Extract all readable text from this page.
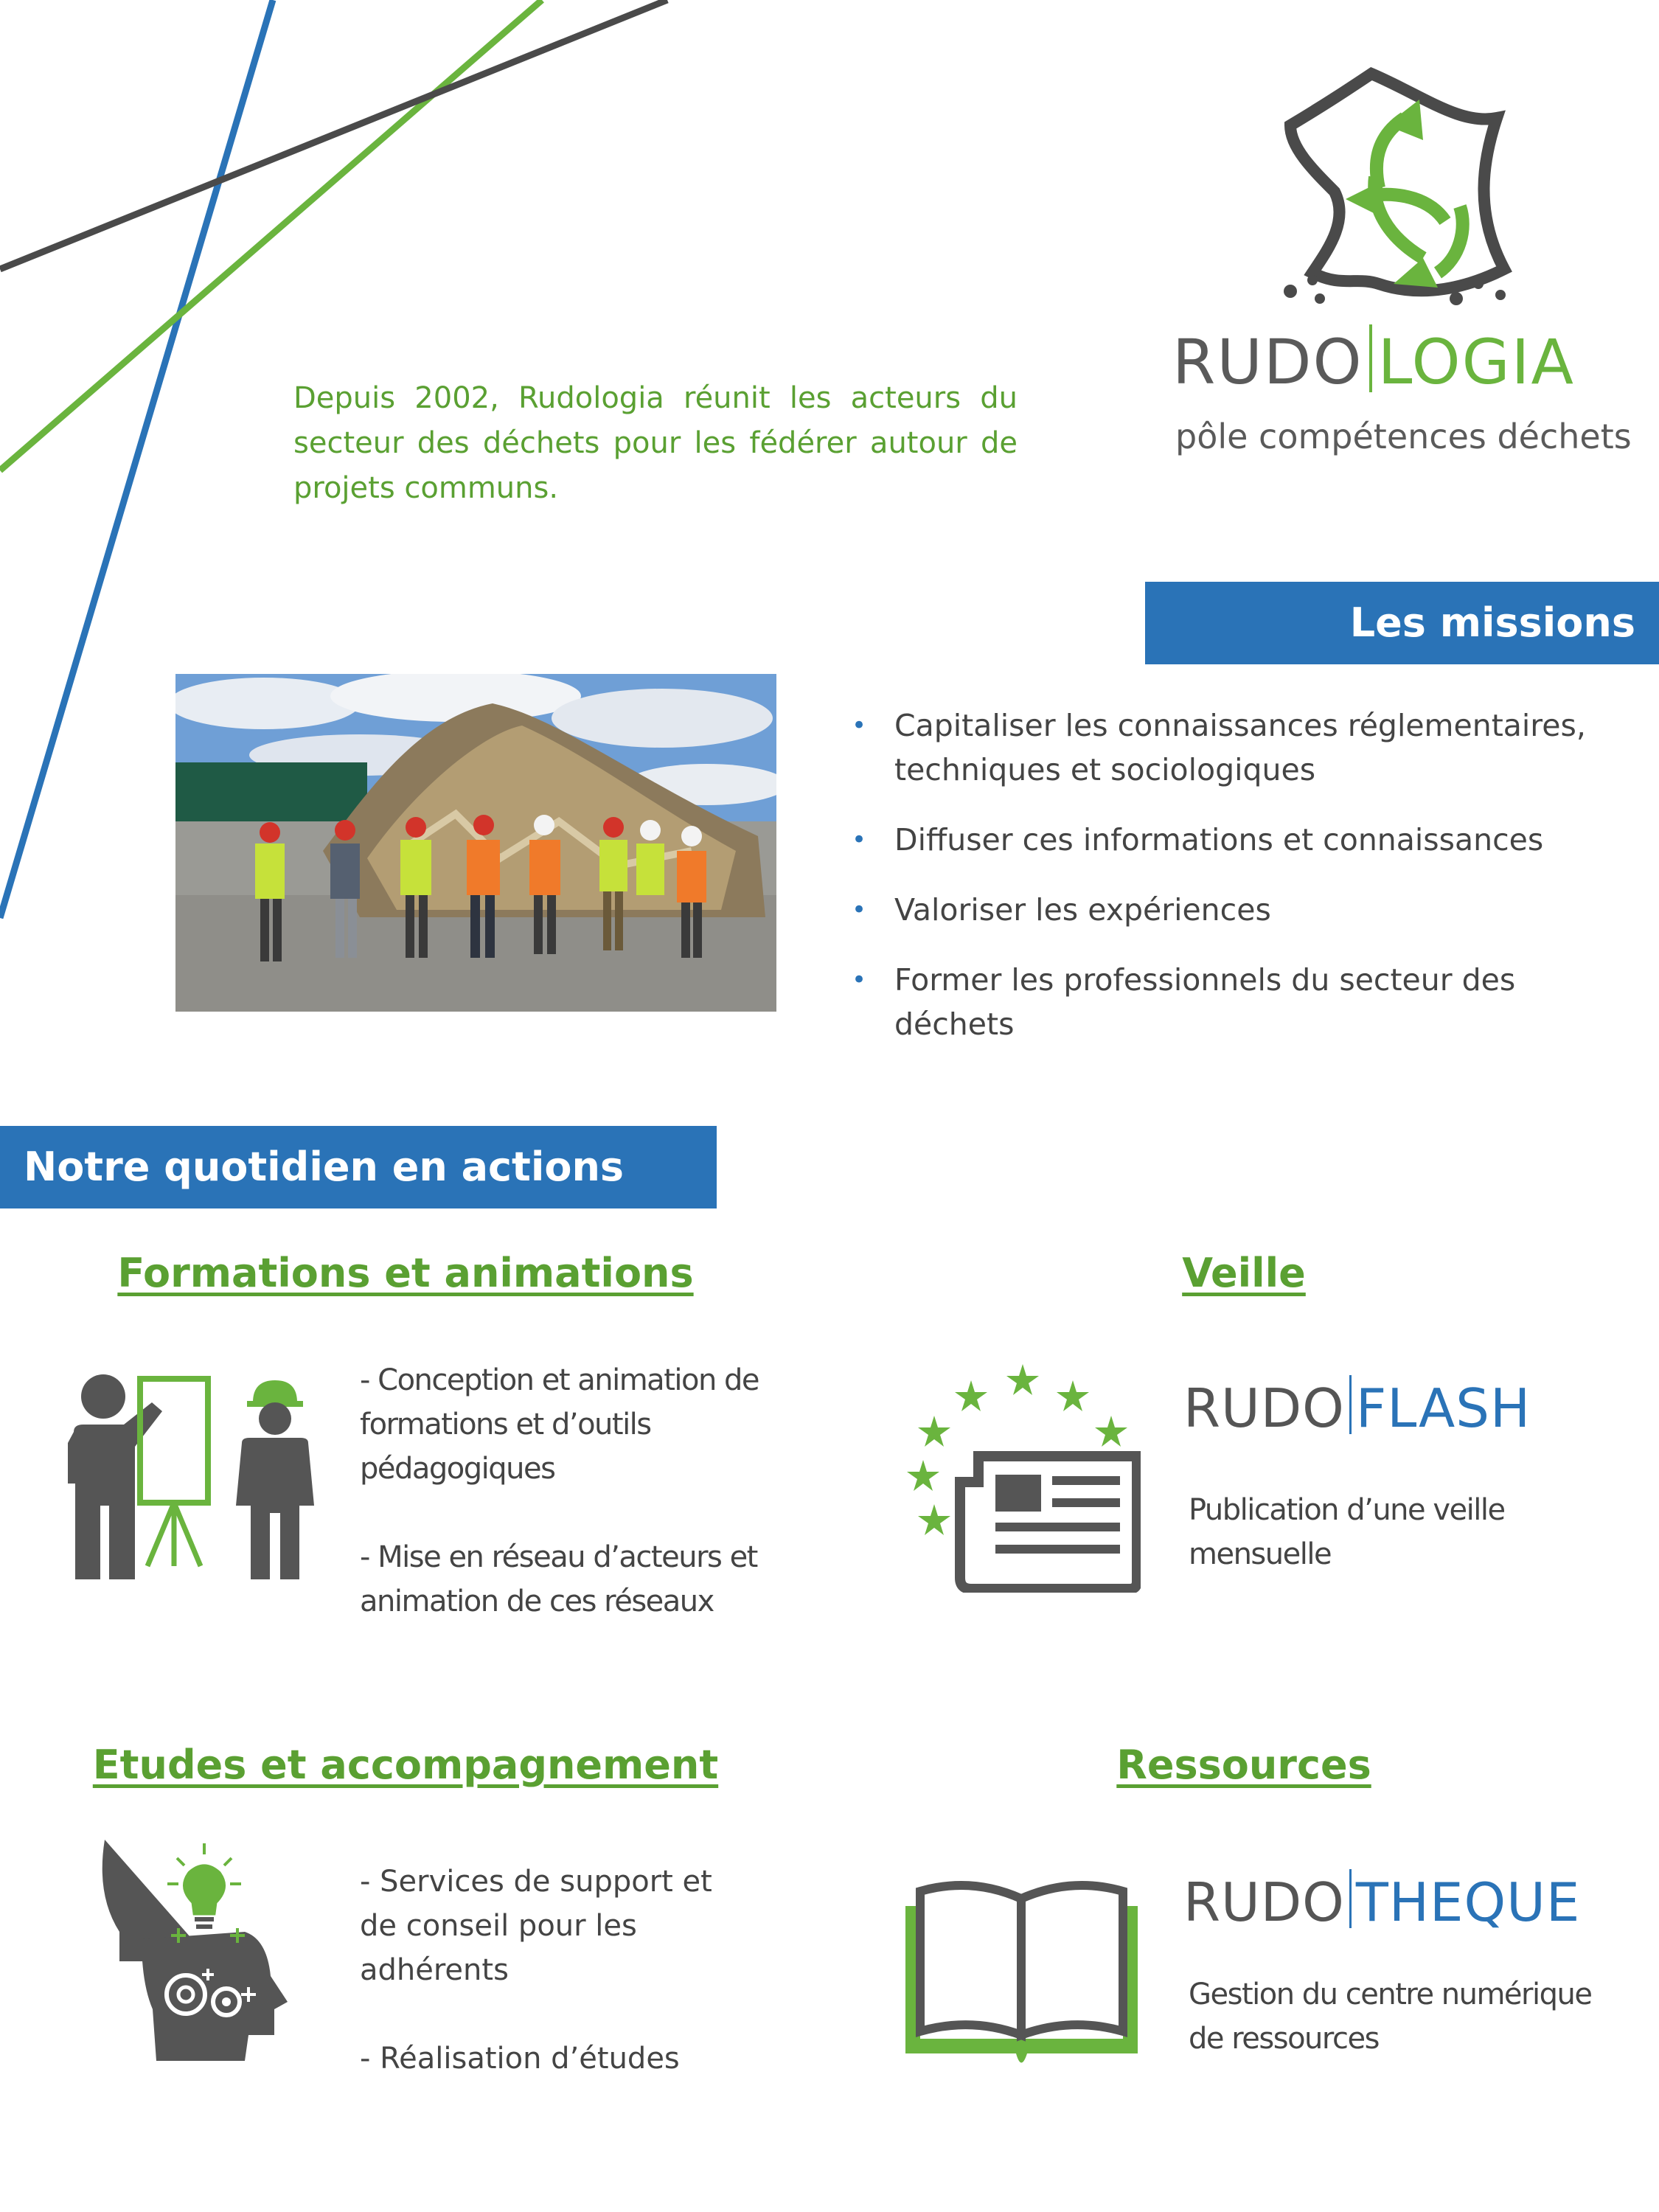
RUDO LOGIA
pôle compétences déchets
Depuis 2002, Rudologia réunit les acteurs du secteur des déchets pour les fédérer autour de projets communs.
Les missions
• Capitaliser les connaissances réglementaires, techniques et sociologiques
• Diffuser ces informations et connaissances
• Valoriser les expériences
• Former les professionnels du secteur des déchets
Notre quotidien en actions
Formations et animations
- Conception et animation de
formations et d’outils
pédagogiques
- Mise en réseau d’acteurs et
animation de ces réseaux
Veille
RUDO FLASH
Publication d’une veille
mensuelle
Etudes et accompagnement
- Services de support et
de conseil pour les
adhérents
- Réalisation d’études
Ressources
RUDO THEQUE
Gestion du centre numérique
de ressources
